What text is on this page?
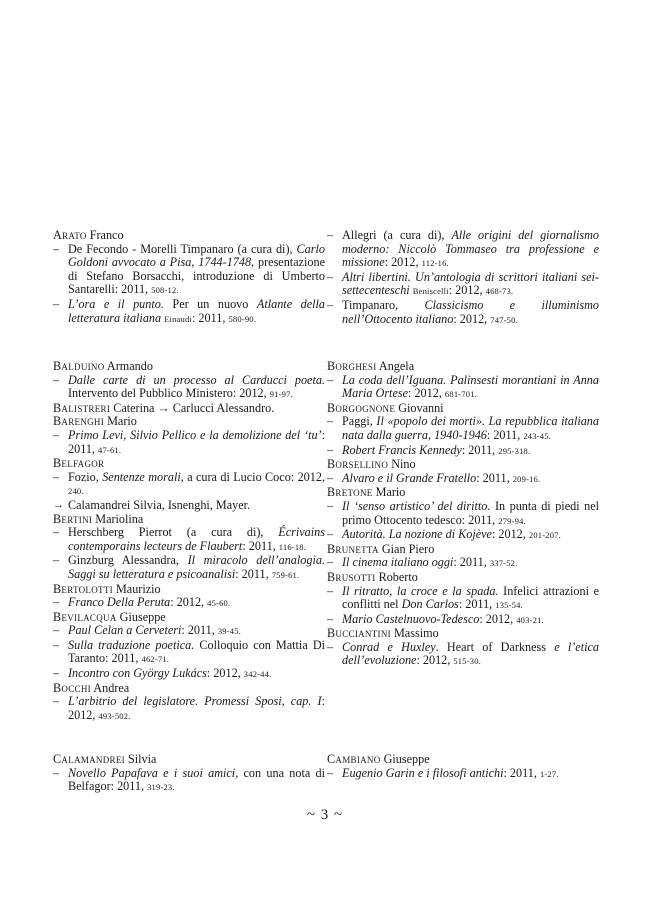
Arato Franco
– De Fecondo - Morelli Timpanaro (a cura di), Carlo Goldoni avvocato a Pisa, 1744-1748, presentazione di Stefano Borsacchi, introduzione di Umberto Santarelli: 2011, 508-12.
– L’ora e il punto. Per un nuovo Atlante della letteratura italiana Einaudi: 2011, 580-90.
– Allegri (a cura di), Alle origini del giornalismo moderno: Niccolò Tommaseo tra professione e missione: 2012, 112-16.
– Altri libertini. Un’antologia di scrittori italiani sei-settecenteschi Beniscelli: 2012, 468-73.
– Timpanaro, Classicismo e illuminismo nell’Ottocento italiano: 2012, 747-50.
Balduino Armando
– Dalle carte di un processo al Carducci poeta. Intervento del Pubblico Ministero: 2012, 91-97.
Balistreri Caterina → Carlucci Alessandro.
Barenghi Mario
– Primo Levi, Silvio Pellico e la demolizione del ‘tu’: 2011, 47-61.
Belfagor
– Fozio, Sentenze morali, a cura di Lucio Coco: 2012, 240.
→ Calamandrei Silvia, Isnenghi, Mayer.
Bertini Mariolina
– Herschberg Pierrot (a cura di), Écrivains contemporains lecteurs de Flaubert: 2011, 116-18.
– Ginzburg Alessandra, Il miracolo dell’analogia. Saggi su letteratura e psicoanalisi: 2011, 759-61.
Bertolotti Maurizio
– Franco Della Peruta: 2012, 45-60.
Bevilacqua Giuseppe
– Paul Celan a Cerveteri: 2011, 39-45.
– Sulla traduzione poetica. Colloquio con Mattia Di Taranto: 2011, 462-71.
– Incontro con György Lukács: 2012, 342-44.
Bocchi Andrea
– L’arbitrio del legislatore. Promessi Sposi, cap. I: 2012, 493-502.
Borghesi Angela
– La coda dell’Iguana. Palinsesti morantiani in Anna Maria Ortese: 2012, 681-701.
Borgognone Giovanni
– Paggi, Il «popolo dei morti». La repubblica italiana nata dalla guerra, 1940-1946: 2011, 243-45.
– Robert Francis Kennedy: 2011, 295-318.
Borsellino Nino
– Alvaro e il Grande Fratello: 2011, 209-16.
Bretone Mario
– Il ‘senso artistico’ del diritto. In punta di piedi nel primo Ottocento tedesco: 2011, 279-94.
– Autorità. La nozione di Kojève: 2012, 201-207.
Brunetta Gian Piero
– Il cinema italiano oggi: 2011, 337-52.
Brusotti Roberto
– Il ritratto, la croce e la spada. Infelici attrazioni e conflitti nel Don Carlos: 2011, 135-54.
– Mario Castelnuovo-Tedesco: 2012, 403-21.
Bucciantini Massimo
– Conrad e Huxley. Heart of Darkness e l’etica dell’evoluzione: 2012, 515-30.
Calamandrei Silvia
– Novello Papafava e i suoi amici, con una nota di Belfagor: 2011, 319-23.
Cambiano Giuseppe
– Eugenio Garin e i filosofi antichi: 2011, 1-27.
~ 3 ~
